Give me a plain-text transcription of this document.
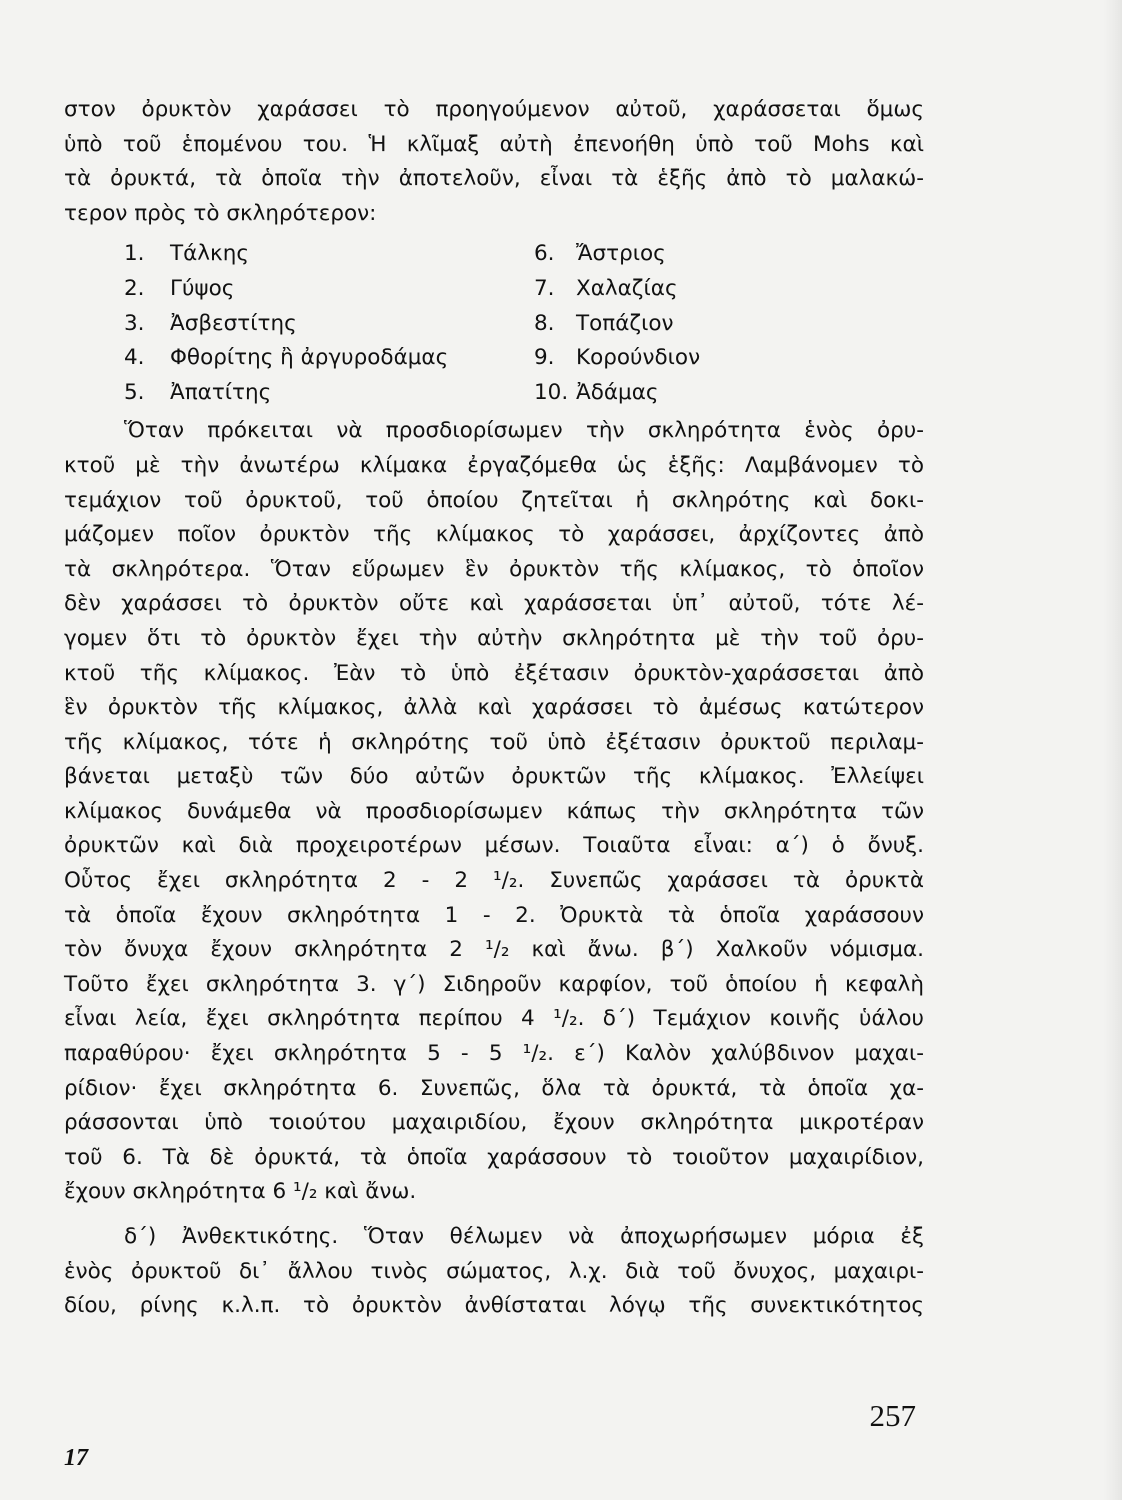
στον ὀρυκτὸν χαράσσει τὸ προηγούμενον αὐτοῦ, χαράσσεται ὅμως
ὑπὸ τοῦ ἑπομένου του. Ἡ κλῖμαξ αὐτὴ ἐπενοήθη ὑπὸ τοῦ Mohs καὶ
τὰ ὀρυκτά, τὰ ὁποῖα τὴν ἀποτελοῦν, εἶναι τὰ ἑξῆς ἀπὸ τὸ μαλακώ-
τερον πρὸς τὸ σκληρότερον:
1.	Τάλκης
2.	Γύψος
3.	Ἀσβεστίτης
4.	Φθορίτης ἢ ἀργυροδάμας
5.	Ἀπατίτης
6. Ἄστριος
7. Χαλαζίας
8. Τοπάζιον
9. Κορούνδιον
10. Ἀδάμας
Ὅταν πρόκειται νὰ προσδιορίσωμεν τὴν σκληρότητα ἑνὸς ὀρυ-
κτοῦ μὲ τὴν ἀνωτέρω κλίμακα ἐργαζόμεθα ὡς ἑξῆς: Λαμβάνομεν τὸ
τεμάχιον τοῦ ὀρυκτοῦ, τοῦ ὁποίου ζητεῖται ἡ σκληρότης καὶ δοκι-
μάζομεν ποῖον ὀρυκτὸν τῆς κλίμακος τὸ χαράσσει, ἀρχίζοντες ἀπὸ
τὰ σκληρότερα. Ὅταν εὕρωμεν ἓν ὀρυκτὸν τῆς κλίμακος, τὸ ὁποῖον
δὲν χαράσσει τὸ ὀρυκτὸν οὔτε καὶ χαράσσεται ὑπ᾿ αὐτοῦ, τότε λέ-
γομεν ὅτι τὸ ὀρυκτὸν ἔχει τὴν αὐτὴν σκληρότητα μὲ τὴν τοῦ ὀρυ-
κτοῦ τῆς κλίμακος. Ἐὰν τὸ ὑπὸ ἐξέτασιν ὀρυκτὸν-χαράσσεται ἀπὸ
ἓν ὀρυκτὸν τῆς κλίμακος, ἀλλὰ καὶ χαράσσει τὸ ἀμέσως κατώτερον
τῆς κλίμακος, τότε ἡ σκληρότης τοῦ ὑπὸ ἐξέτασιν ὀρυκτοῦ περιλαμ-
βάνεται μεταξὺ τῶν δύο αὐτῶν ὀρυκτῶν τῆς κλίμακος. Ἐλλείψει
κλίμακος δυνάμεθα νὰ προσδιορίσωμεν κάπως τὴν σκληρότητα τῶν
ὀρυκτῶν καὶ διὰ προχειροτέρων μέσων. Τοιαῦτα εἶναι: α΄) ὁ ὄνυξ.
Οὗτος ἔχει σκληρότητα 2 - 2 ¹/₂. Συνεπῶς χαράσσει τὰ ὀρυκτὰ
τὰ ὁποῖα ἔχουν σκληρότητα 1 - 2. Ὀρυκτὰ τὰ ὁποῖα χαράσσουν
τὸν ὄνυχα ἔχουν σκληρότητα 2 ¹/₂ καὶ ἄνω. β΄) Χαλκοῦν νόμισμα.
Τοῦτο ἔχει σκληρότητα 3. γ΄) Σιδηροῦν καρφίον, τοῦ ὁποίου ἡ κεφαλὴ
εἶναι λεία, ἔχει σκληρότητα περίπου 4 ¹/₂. δ΄) Τεμάχιον κοινῆς ὑάλου
παραθύρου· ἔχει σκληρότητα 5 - 5 ¹/₂. ε΄) Καλὸν χαλύβδινον μαχαι-
ρίδιον· ἔχει σκληρότητα 6. Συνεπῶς, ὅλα τὰ ὀρυκτά, τὰ ὁποῖα χα-
ράσσονται ὑπὸ τοιούτου μαχαιριδίου, ἔχουν σκληρότητα μικροτέραν
τοῦ 6. Τὰ δὲ ὀρυκτά, τὰ ὁποῖα χαράσσουν τὸ τοιοῦτον μαχαιρίδιον,
ἔχουν σκληρότητα 6 ¹/₂ καὶ ἄνω.
δ΄) Ἀνθεκτικότης. Ὅταν θέλωμεν νὰ ἀποχωρήσωμεν μόρια ἐξ
ἑνὸς ὀρυκτοῦ δι᾿ ἄλλου τινὸς σώματος, λ.χ. διὰ τοῦ ὄνυχος, μαχαιρι-
δίου, ρίνης κ.λ.π. τὸ ὀρυκτὸν ἀνθίσταται λόγῳ τῆς συνεκτικότητος
257
17
